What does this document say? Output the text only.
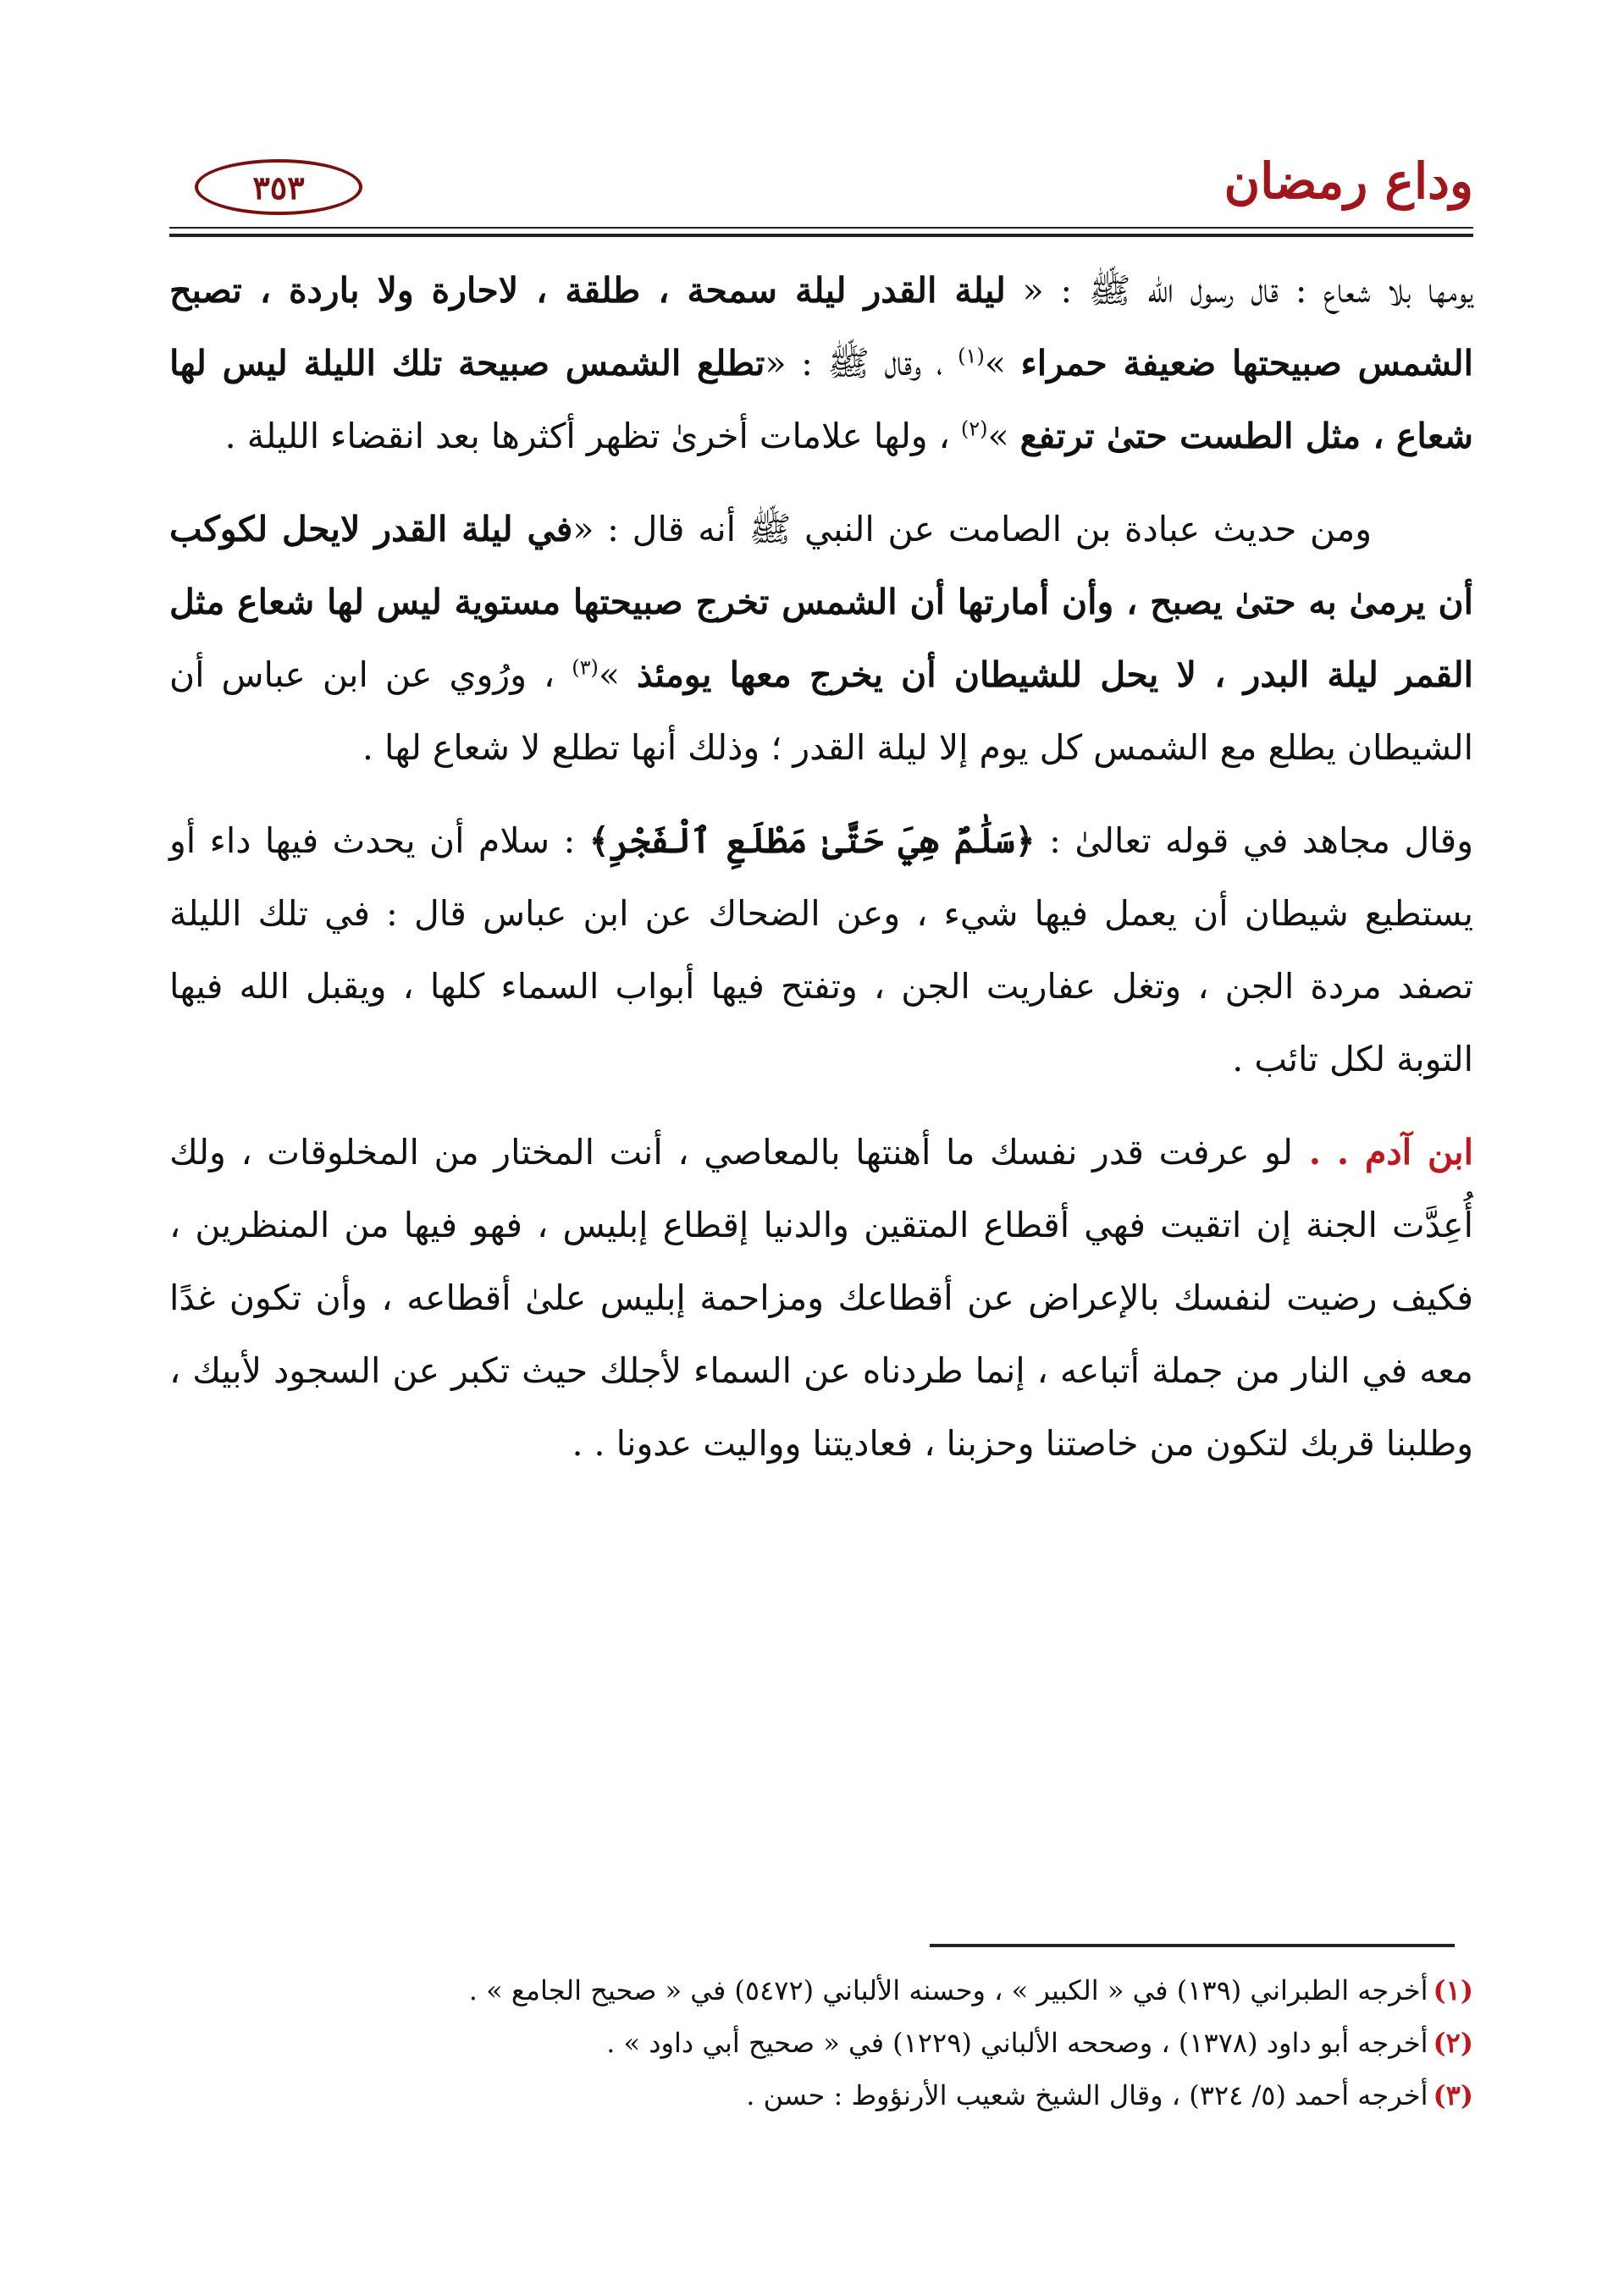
٣٥٣	وداع رمضان

یومها بلا شعاع : قال رسول الله ﷺ : « لیلة القدر لیلة سمحة ، طلقة ، لاحارة ولا باردة ، تصبح الشمس صبیحتها ضعیفة حمراء »$^{(١)}$ ، وقال ﷺ : «تطلع الشمس صبیحة تلك اللیلة لیس لها شعاع ، مثل الطست حتىٰ ترتفع »$^{(٢)}$ ، ولها علامات أخرىٰ تظهر أكثرها بعد انقضاء اللیلة .

ومن حدیث عبادة بن الصامت عن النبي ﷺ أنه قال : «في لیلة القدر لایحل لكوكب أن یرمىٰ به حتىٰ یصبح ، وأن أمارتها أن الشمس تخرج صبیحتها مستویة لیس لها شعاع مثل القمر لیلة البدر ، لا یحل للشیطان أن یخرج معها یومئذ »$^{(٣)}$ ، ورُوي عن ابن عباس أن الشیطان یطلع مع الشمس كل یوم إلا لیلة القدر ؛ وذلك أنها تطلع لا شعاع لها .

وقال مجاهد في قوله تعالىٰ : ﴿سَلَٰمٌ هِيَ حَتَّىٰ مَطْلَعِ ٱلْفَجْرِ﴾ : سلام أن یحدث فیها داء أو یستطیع شیطان أن یعمل فیها شيء ، وعن الضحاك عن ابن عباس قال : في تلك اللیلة تصفد مردة الجن ، وتغل عفاریت الجن ، وتفتح فیها أبواب السماء كلها ، ویقبل الله فیها التوبة لكل تائب .

ابن آدم . . لو عرفت قدر نفسك ما أهنتها بالمعاصي ، أنت المختار من المخلوقات ، ولك أُعِدَّت الجنة إن اتقیت فهي أقطاع المتقین والدنیا إقطاع إبلیس ، فهو فیها من المنظرین ، فكیف رضیت لنفسك بالإعراض عن أقطاعك ومزاحمة إبلیس علىٰ أقطاعه ، وأن تكون غدًا معه في النار من جملة أتباعه ، إنما طردناه عن السماء لأجلك حیث تكبر عن السجود لأبیك ، وطلبنا قربك لتكون من خاصتنا وحزبنا ، فعادیتنا وواليت عدونا . .

(١)أخرجه الطبراني (١٣٩) في « الكبير » ، وحسنه الألباني (٥٤٧٢) في « صحیح الجامع » .
(٢)أخرجه أبو داود (١٣٧٨) ، وصححه الألباني (١٢٢٩) في « صحیح أبي داود » .
(٣)أخرجه أحمد (٥/ ٣٢٤) ، وقال الشیخ شعیب الأرنؤوط : حسن .
